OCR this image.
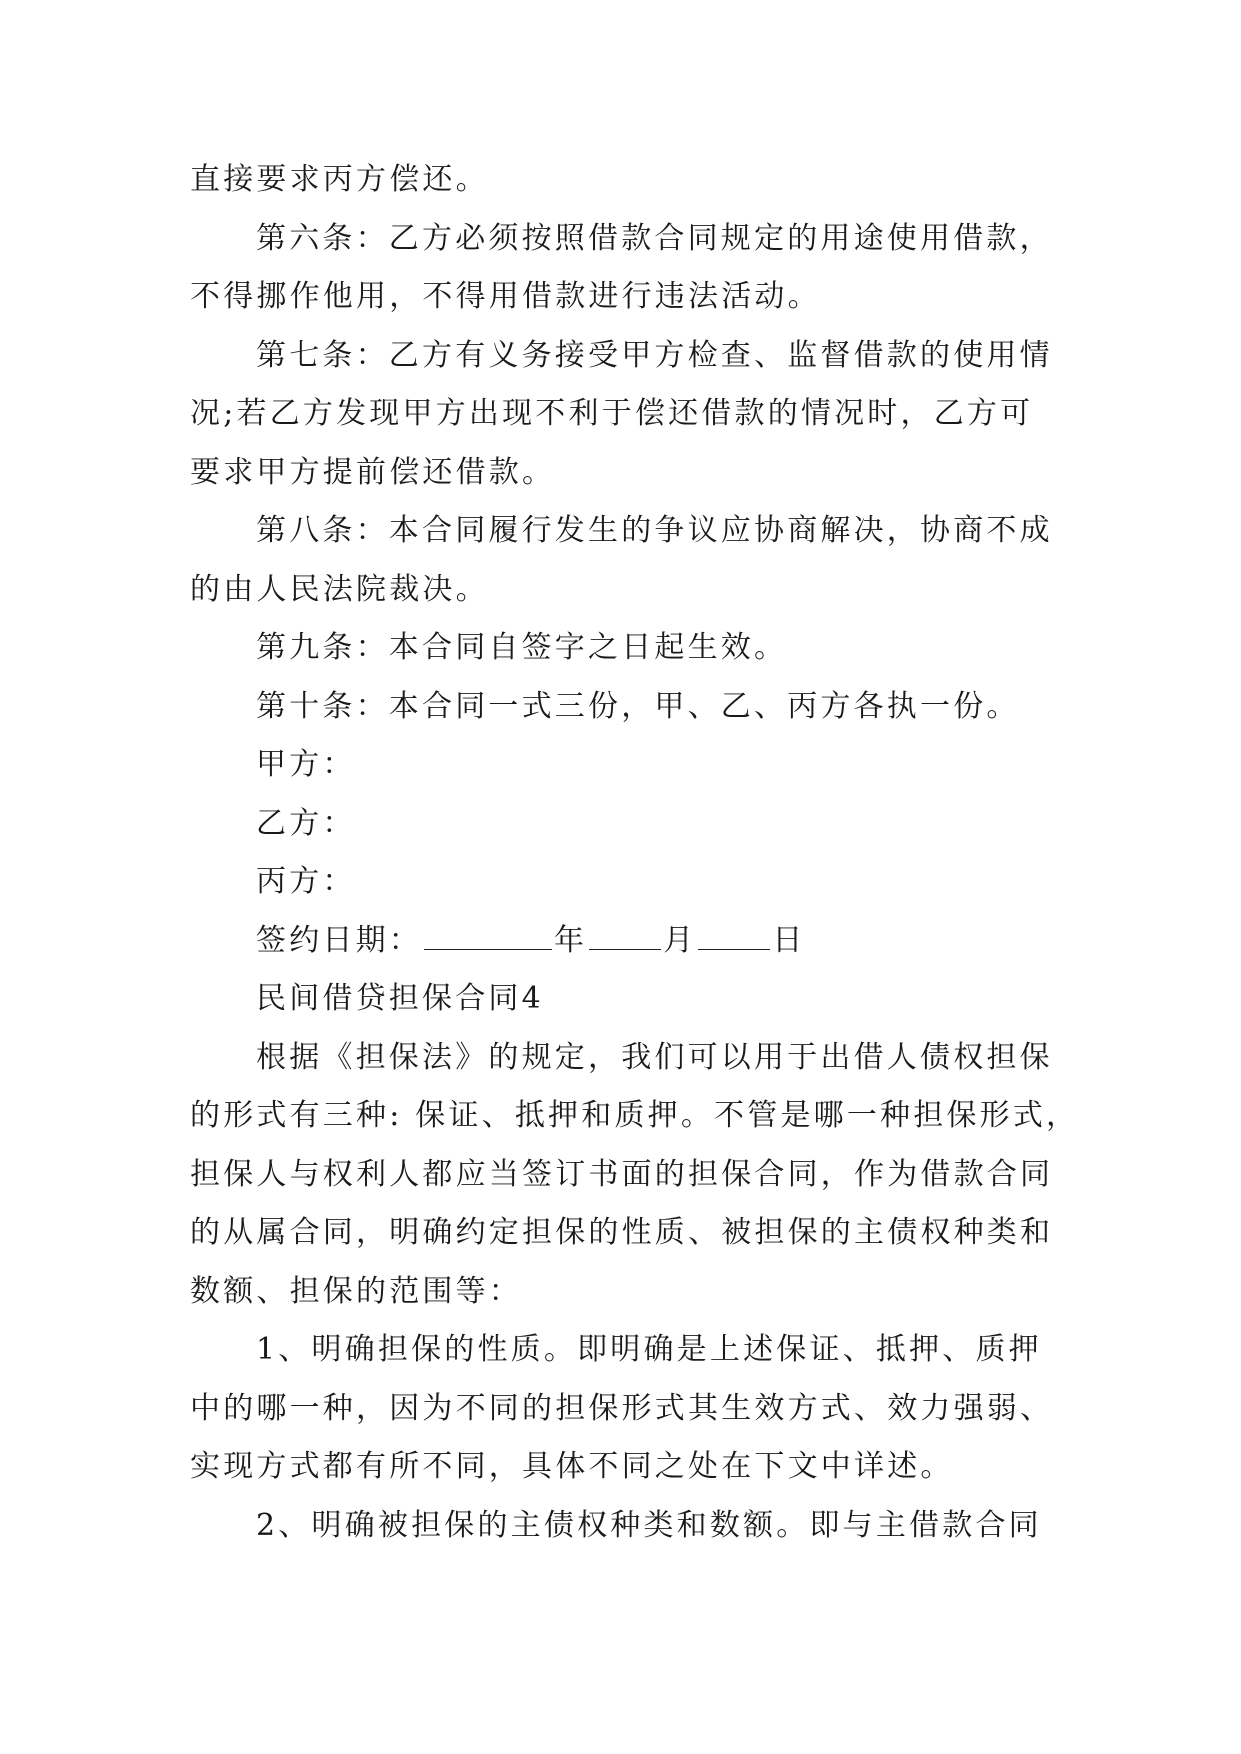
直接要求丙方偿还。
第六条：乙方必须按照借款合同规定的用途使用借款，
不得挪作他用，不得用借款进行违法活动。
第七条：乙方有义务接受甲方检查、监督借款的使用情
况;若乙方发现甲方出现不利于偿还借款的情况时，乙方可
要求甲方提前偿还借款。
第八条：本合同履行发生的争议应协商解决，协商不成
的由人民法院裁决。
第九条：本合同自签字之日起生效。
第十条：本合同一式三份，甲、乙、丙方各执一份。
甲方：
乙方：
丙方：
签约日期：	年	月	日
民间借贷担保合同4
根据《担保法》的规定，我们可以用于出借人债权担保
的形式有三种: 保证、抵押和质押。不管是哪一种担保形式，
担保人与权利人都应当签订书面的担保合同，作为借款合同
的从属合同，明确约定担保的性质、被担保的主债权种类和
数额、担保的范围等：
1、明确担保的性质。即明确是上述保证、抵押、质押
中的哪一种，因为不同的担保形式其生效方式、效力强弱、
实现方式都有所不同，具体不同之处在下文中详述。
2、明确被担保的主债权种类和数额。即与主借款合同
